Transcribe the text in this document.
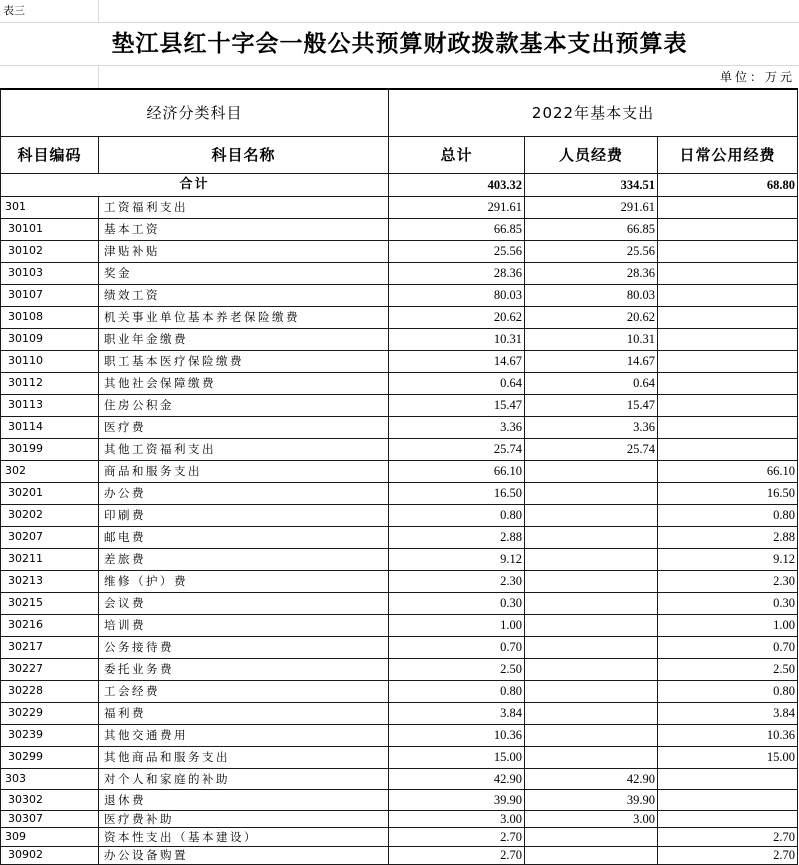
表三
垫江县红十字会一般公共预算财政拨款基本支出预算表
单位：万元
经济分类科目		2022年基本支出		
科目编码	科目名称	总计	人员经费	日常公用经费
合计		403.32	334.51	68.80
301	工资福利支出	291.61	291.61	
30101	基本工资	66.85	66.85	
30102	津贴补贴	25.56	25.56	
30103	奖金	28.36	28.36	
30107	绩效工资	80.03	80.03	
30108	机关事业单位基本养老保险缴费	20.62	20.62	
30109	职业年金缴费	10.31	10.31	
30110	职工基本医疗保险缴费	14.67	14.67	
30112	其他社会保障缴费	0.64	0.64	
30113	住房公积金	15.47	15.47	
30114	医疗费	3.36	3.36	
30199	其他工资福利支出	25.74	25.74	
302	商品和服务支出	66.10		66.10
30201	办公费	16.50		16.50
30202	印刷费	0.80		0.80
30207	邮电费	2.88		2.88
30211	差旅费	9.12		9.12
30213	维修（护）费	2.30		2.30
30215	会议费	0.30		0.30
30216	培训费	1.00		1.00
30217	公务接待费	0.70		0.70
30227	委托业务费	2.50		2.50
30228	工会经费	0.80		0.80
30229	福利费	3.84		3.84
30239	其他交通费用	10.36		10.36
30299	其他商品和服务支出	15.00		15.00
303	对个人和家庭的补助	42.90	42.90	
30302	退休费	39.90	39.90	
30307	医疗费补助	3.00	3.00	
309	资本性支出（基本建设）	2.70		2.70
30902	办公设备购置	2.70		2.70
